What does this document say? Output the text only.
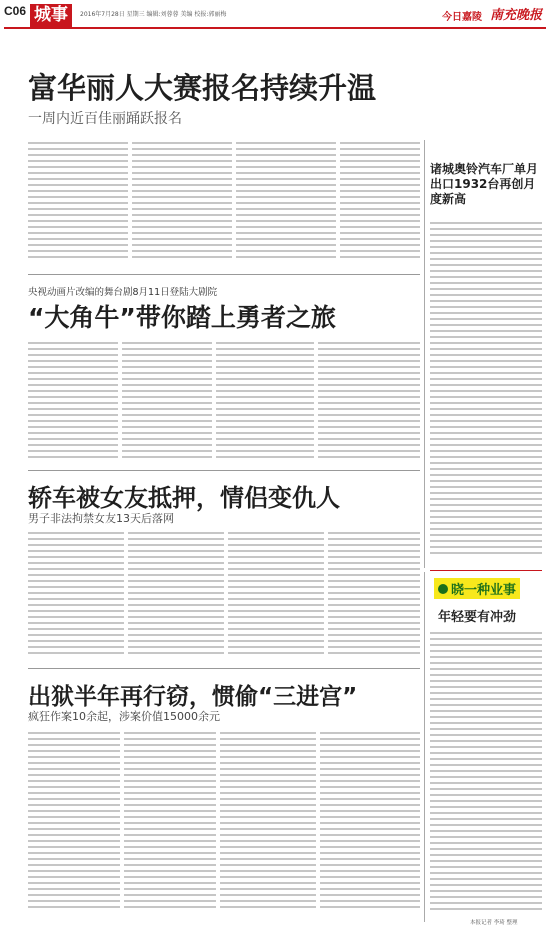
C06 城事	2016年7月28日 星期三 编辑:刘蓉蓉 美编 校报:郭丽梅	今日嘉陵 南充晚报
富华丽人大赛报名持续升温
一周内近百佳丽踊跃报名
诸城奥铃汽车厂单月出口1932台再创月度新高
央视动画片改编的舞台剧8月11日登陆大剧院
“大角牛”带你踏上勇者之旅
轿车被女友抵押，情侣变仇人
男子非法拘禁女友13天后落网
晓一种业事
年轻要有冲劲
本报记者 李琦 整理
出狱半年再行窃，惯偷“三进宫”
疯狂作案10余起，涉案价值15000余元
